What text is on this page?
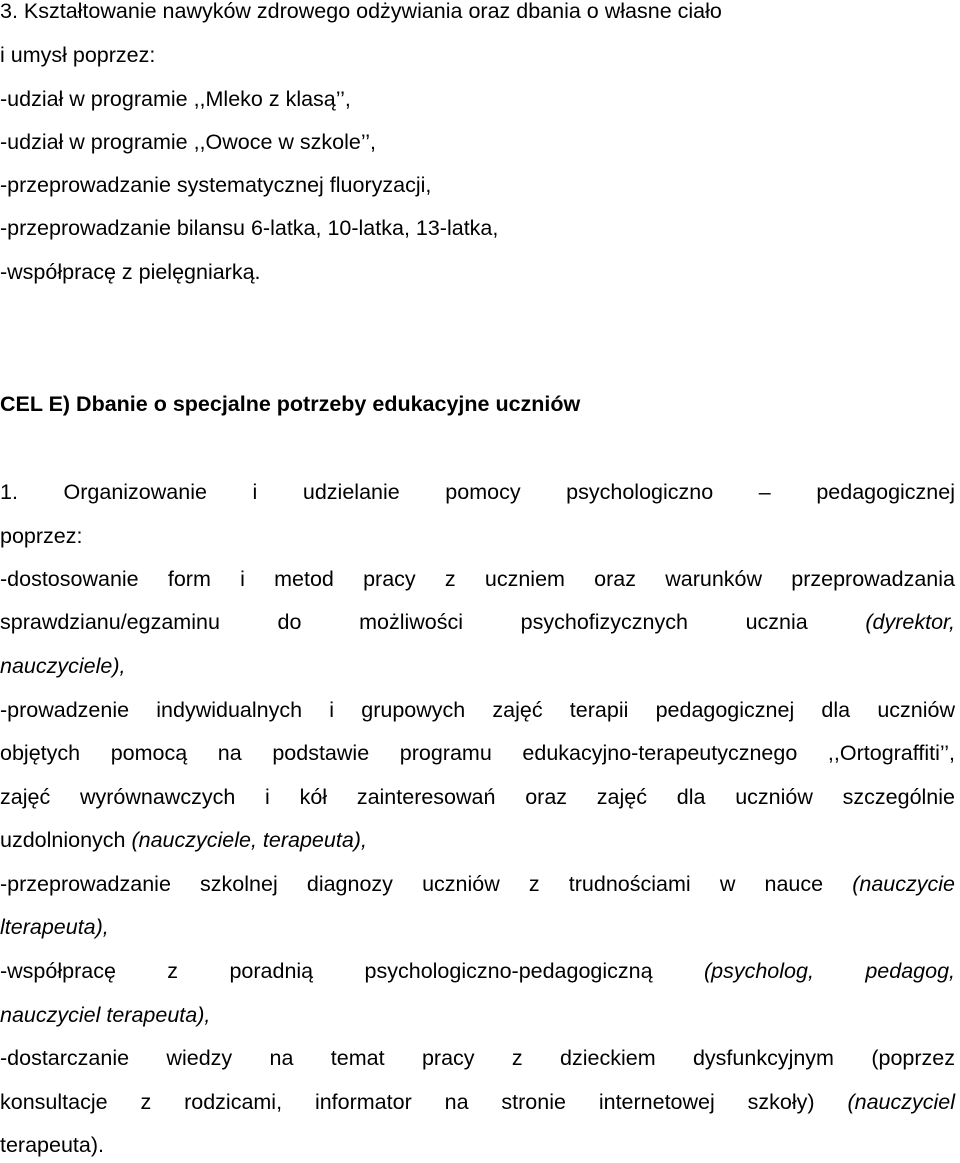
3. Kształtowanie nawyków zdrowego odżywiania oraz dbania o własne ciało
i umysł poprzez:
-udział w programie ,,Mleko z klasą’’,
-udział w programie ,,Owoce w szkole’’,
-przeprowadzanie systematycznej fluoryzacji,
-przeprowadzanie bilansu 6-latka, 10-latka, 13-latka,
-współpracę z pielęgniarką.
CEL E) Dbanie o specjalne potrzeby edukacyjne uczniów
1. Organizowanie i udzielanie pomocy psychologiczno – pedagogicznej
poprzez:
-dostosowanie form i metod pracy z uczniem oraz warunków przeprowadzania
sprawdzianu/egzaminu do możliwości psychofizycznych ucznia (dyrektor,
nauczyciele),
-prowadzenie indywidualnych i grupowych zajęć terapii pedagogicznej dla uczniów
objętych pomocą na podstawie programu edukacyjno-terapeutycznego ,,Ortograffiti’’,
zajęć wyrównawczych i kół zainteresowań oraz zajęć dla uczniów szczególnie
uzdolnionych (nauczyciele, terapeuta),
-przeprowadzanie szkolnej diagnozy uczniów z trudnościami w nauce (nauczycie
lterapeuta),
-współpracę z poradnią psychologiczno-pedagogiczną (psycholog, pedagog,
nauczyciel terapeuta),
-dostarczanie wiedzy na temat pracy z dzieckiem dysfunkcyjnym (poprzez
konsultacje z rodzicami, informator na stronie internetowej szkoły) (nauczyciel
terapeuta).
